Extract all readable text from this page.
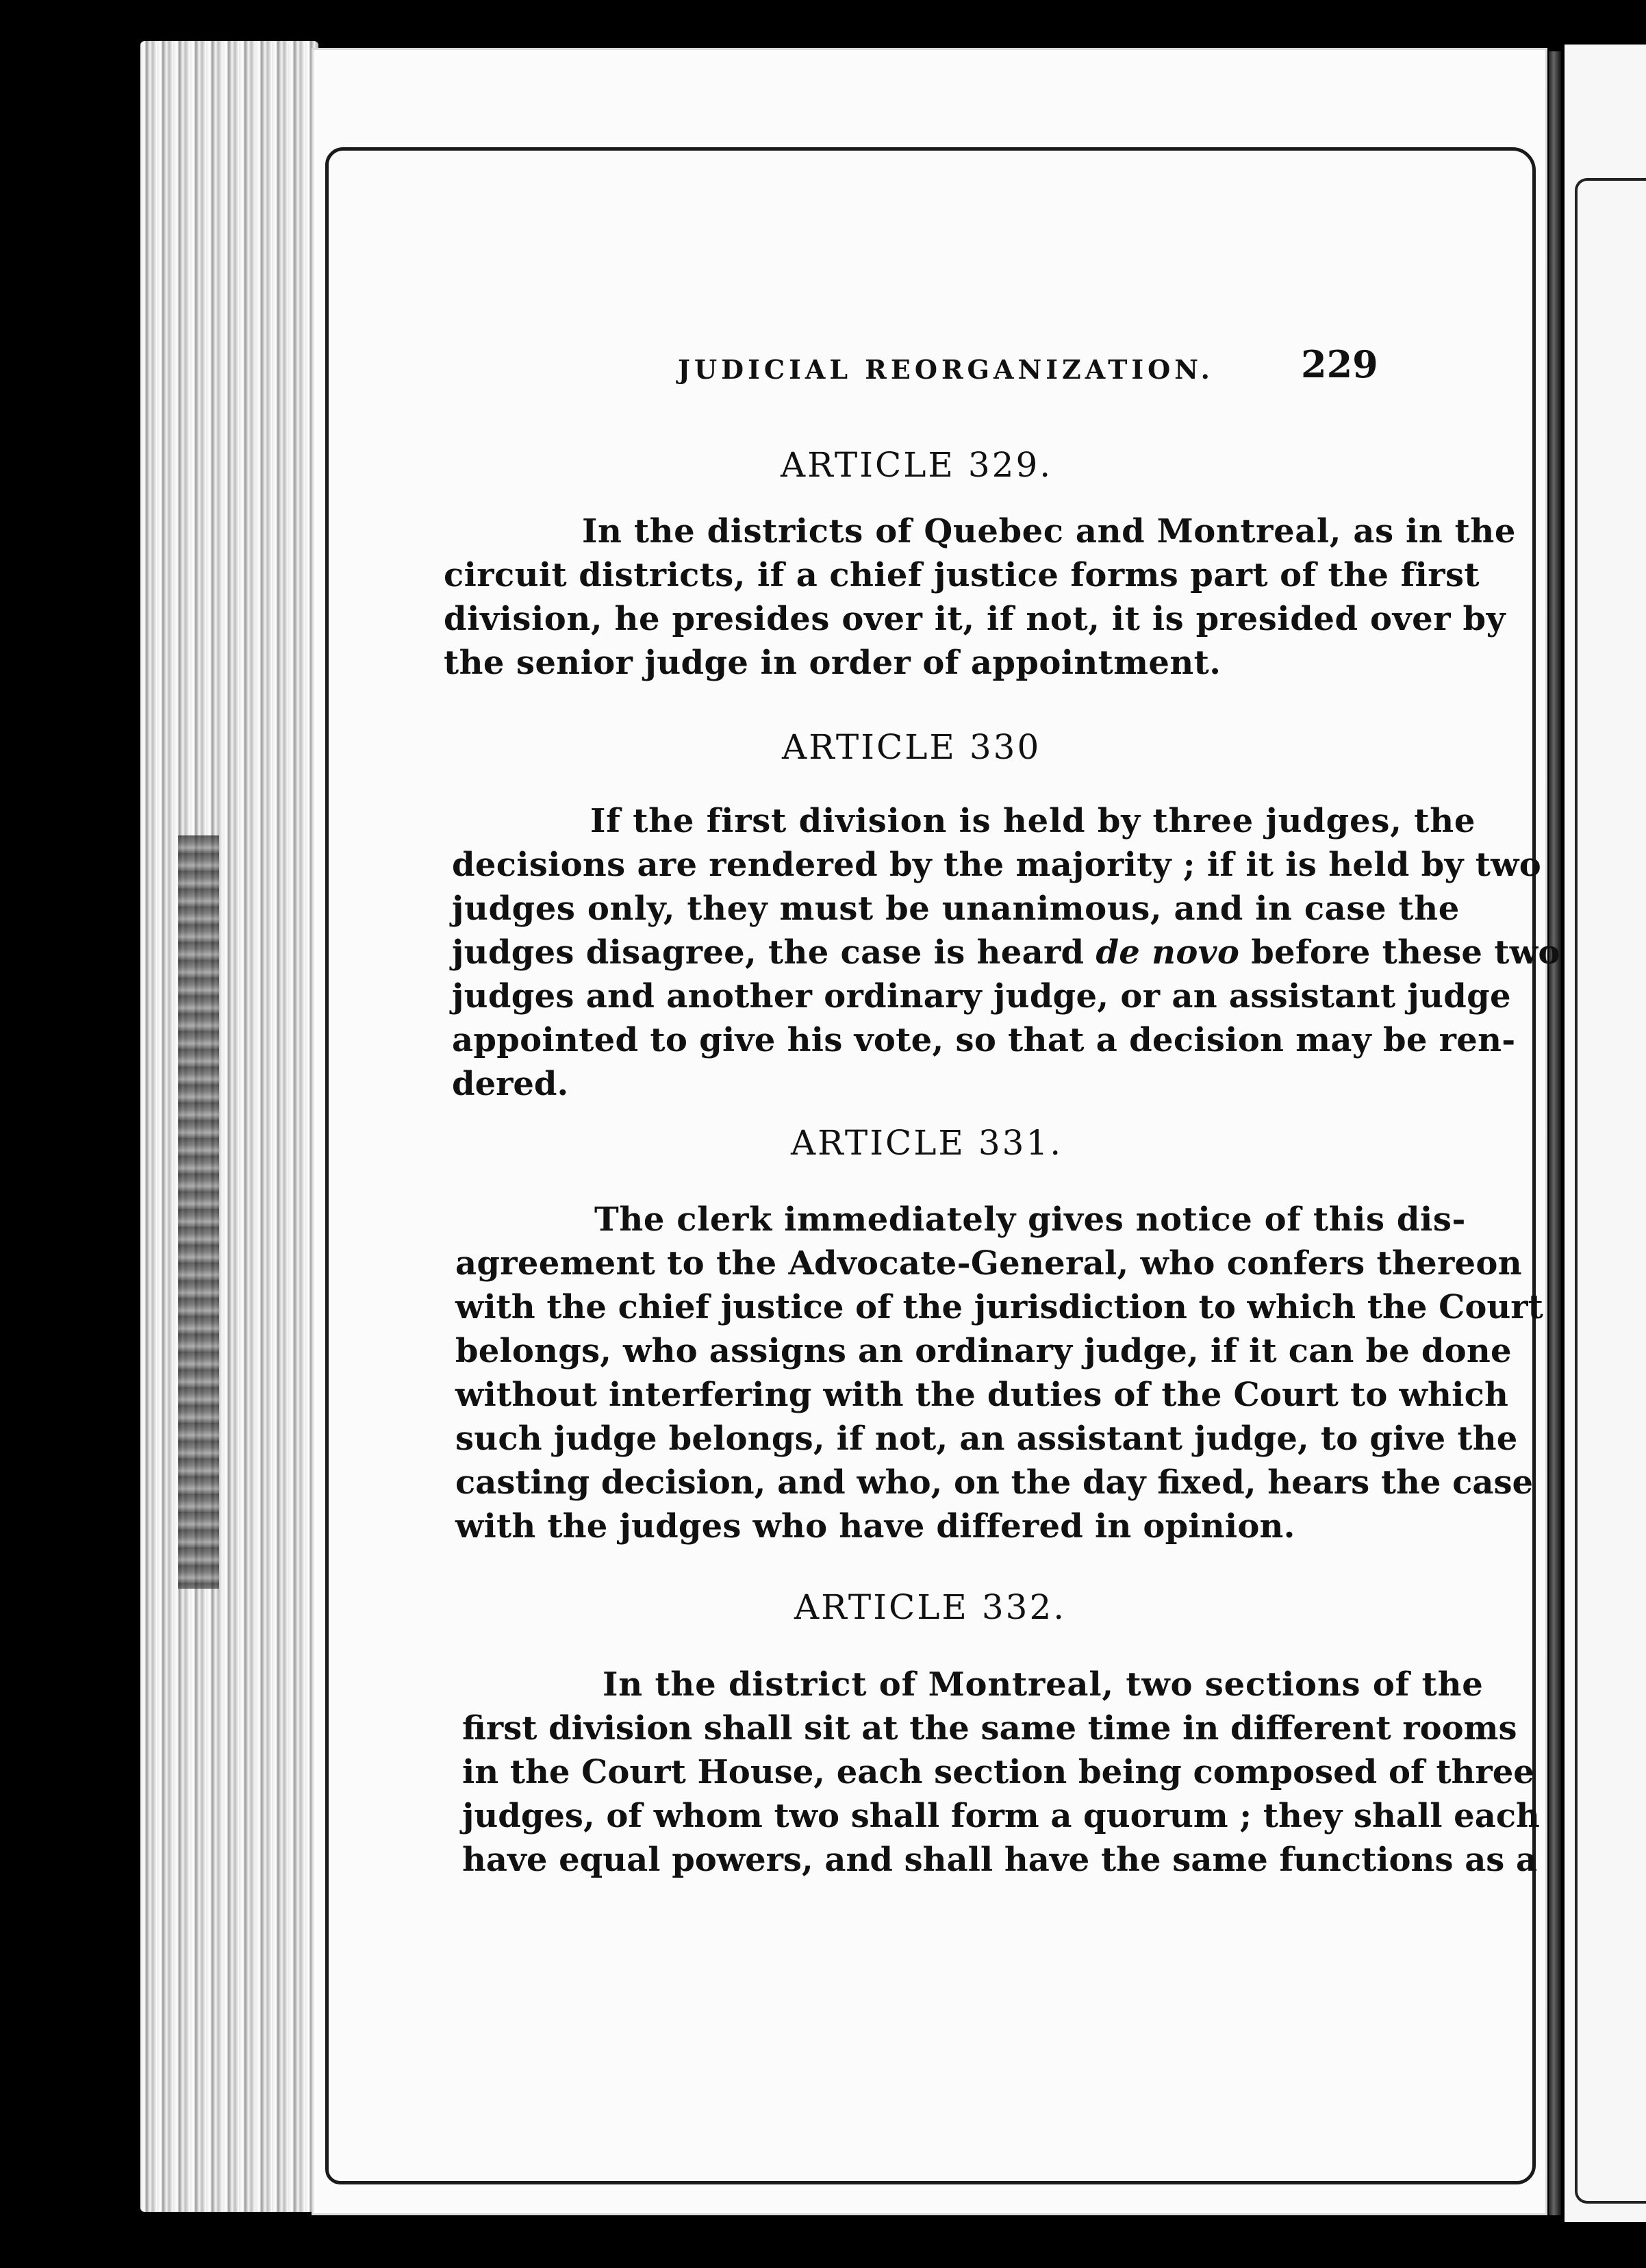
JUDICIAL REORGANIZATION. 229
ARTICLE 329.
In the districts of Quebec and Montreal, as in the
circuit districts, if a chief justice forms part of the first
division, he presides over it, if not, it is presided over by
the senior judge in order of appointment.
ARTICLE 330
If the first division is held by three judges, the
decisions are rendered by the majority ; if it is held by two
judges only, they must be unanimous, and in case the
judges disagree, the case is heard de novo before these two
judges and another ordinary judge, or an assistant judge
appointed to give his vote, so that a decision may be ren-
dered.
ARTICLE 331.
The clerk immediately gives notice of this dis-
agreement to the Advocate-General, who confers thereon
with the chief justice of the jurisdiction to which the Court
belongs, who assigns an ordinary judge, if it can be done
without interfering with the duties of the Court to which
such judge belongs, if not, an assistant judge, to give the
casting decision, and who, on the day fixed, hears the case
with the judges who have differed in opinion.
ARTICLE 332.
In the district of Montreal, two sections of the
first division shall sit at the same time in different rooms
in the Court House, each section being composed of three
judges, of whom two shall form a quorum ; they shall each
have equal powers, and shall have the same functions as a
